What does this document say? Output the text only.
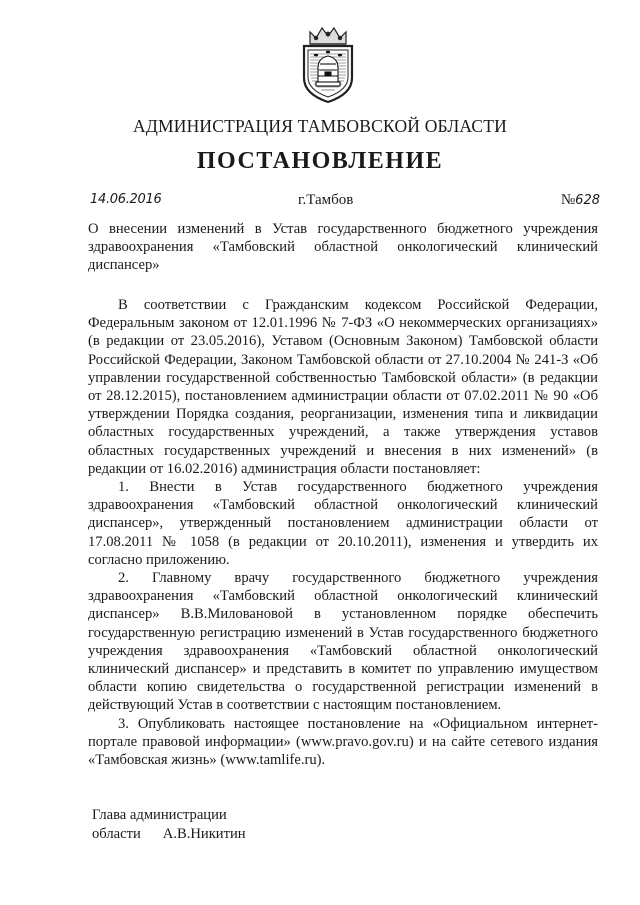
АДМИНИСТРАЦИЯ ТАМБОВСКОЙ ОБЛАСТИ
ПОСТАНОВЛЕНИЕ
14.06.2016	г.Тамбов	№628
О внесении изменений в Устав государственного бюджетного учреждения здравоохранения «Тамбовский областной онкологический клинический диспансер»

В соответствии с Гражданским кодексом Российской Федерации, Федеральным законом от 12.01.1996 № 7-ФЗ «О некоммерческих организациях» (в редакции от 23.05.2016), Уставом (Основным Законом) Тамбовской области Российской Федерации, Законом Тамбовской области от 27.10.2004 № 241-З «Об управлении государственной собственностью Тамбовской области» (в редакции от 28.12.2015), постановлением администрации области от 07.02.2011 № 90 «Об утверждении Порядка создания, реорганизации, изменения типа и ликвидации областных государственных учреждений, а также утверждения уставов областных государственных учреждений и внесения в них изменений» (в редакции от 16.02.2016) администрация области постановляет:

1. Внести в Устав государственного бюджетного учреждения здравоохранения «Тамбовский областной онкологический клинический диспансер», утвержденный постановлением администрации области от 17.08.2011 № 1058 (в редакции от 20.10.2011), изменения и утвердить их согласно приложению.

2. Главному врачу государственного бюджетного учреждения здравоохранения «Тамбовский областной онкологический клинический диспансер» В.В.Миловановой в установленном порядке обеспечить государственную регистрацию изменений в Устав государственного бюджетного учреждения здравоохранения «Тамбовский областной онкологический клинический диспансер» и представить в комитет по управлению имуществом области копию свидетельства о государственной регистрации изменений в действующий Устав в соответствии с настоящим постановлением.

3. Опубликовать настоящее постановление на «Официальном интернет-портале правовой информации» (www.pravo.gov.ru) и на сайте сетевого издания «Тамбовская жизнь» (www.tamlife.ru).

Глава администрации
области А.В.Никитин
